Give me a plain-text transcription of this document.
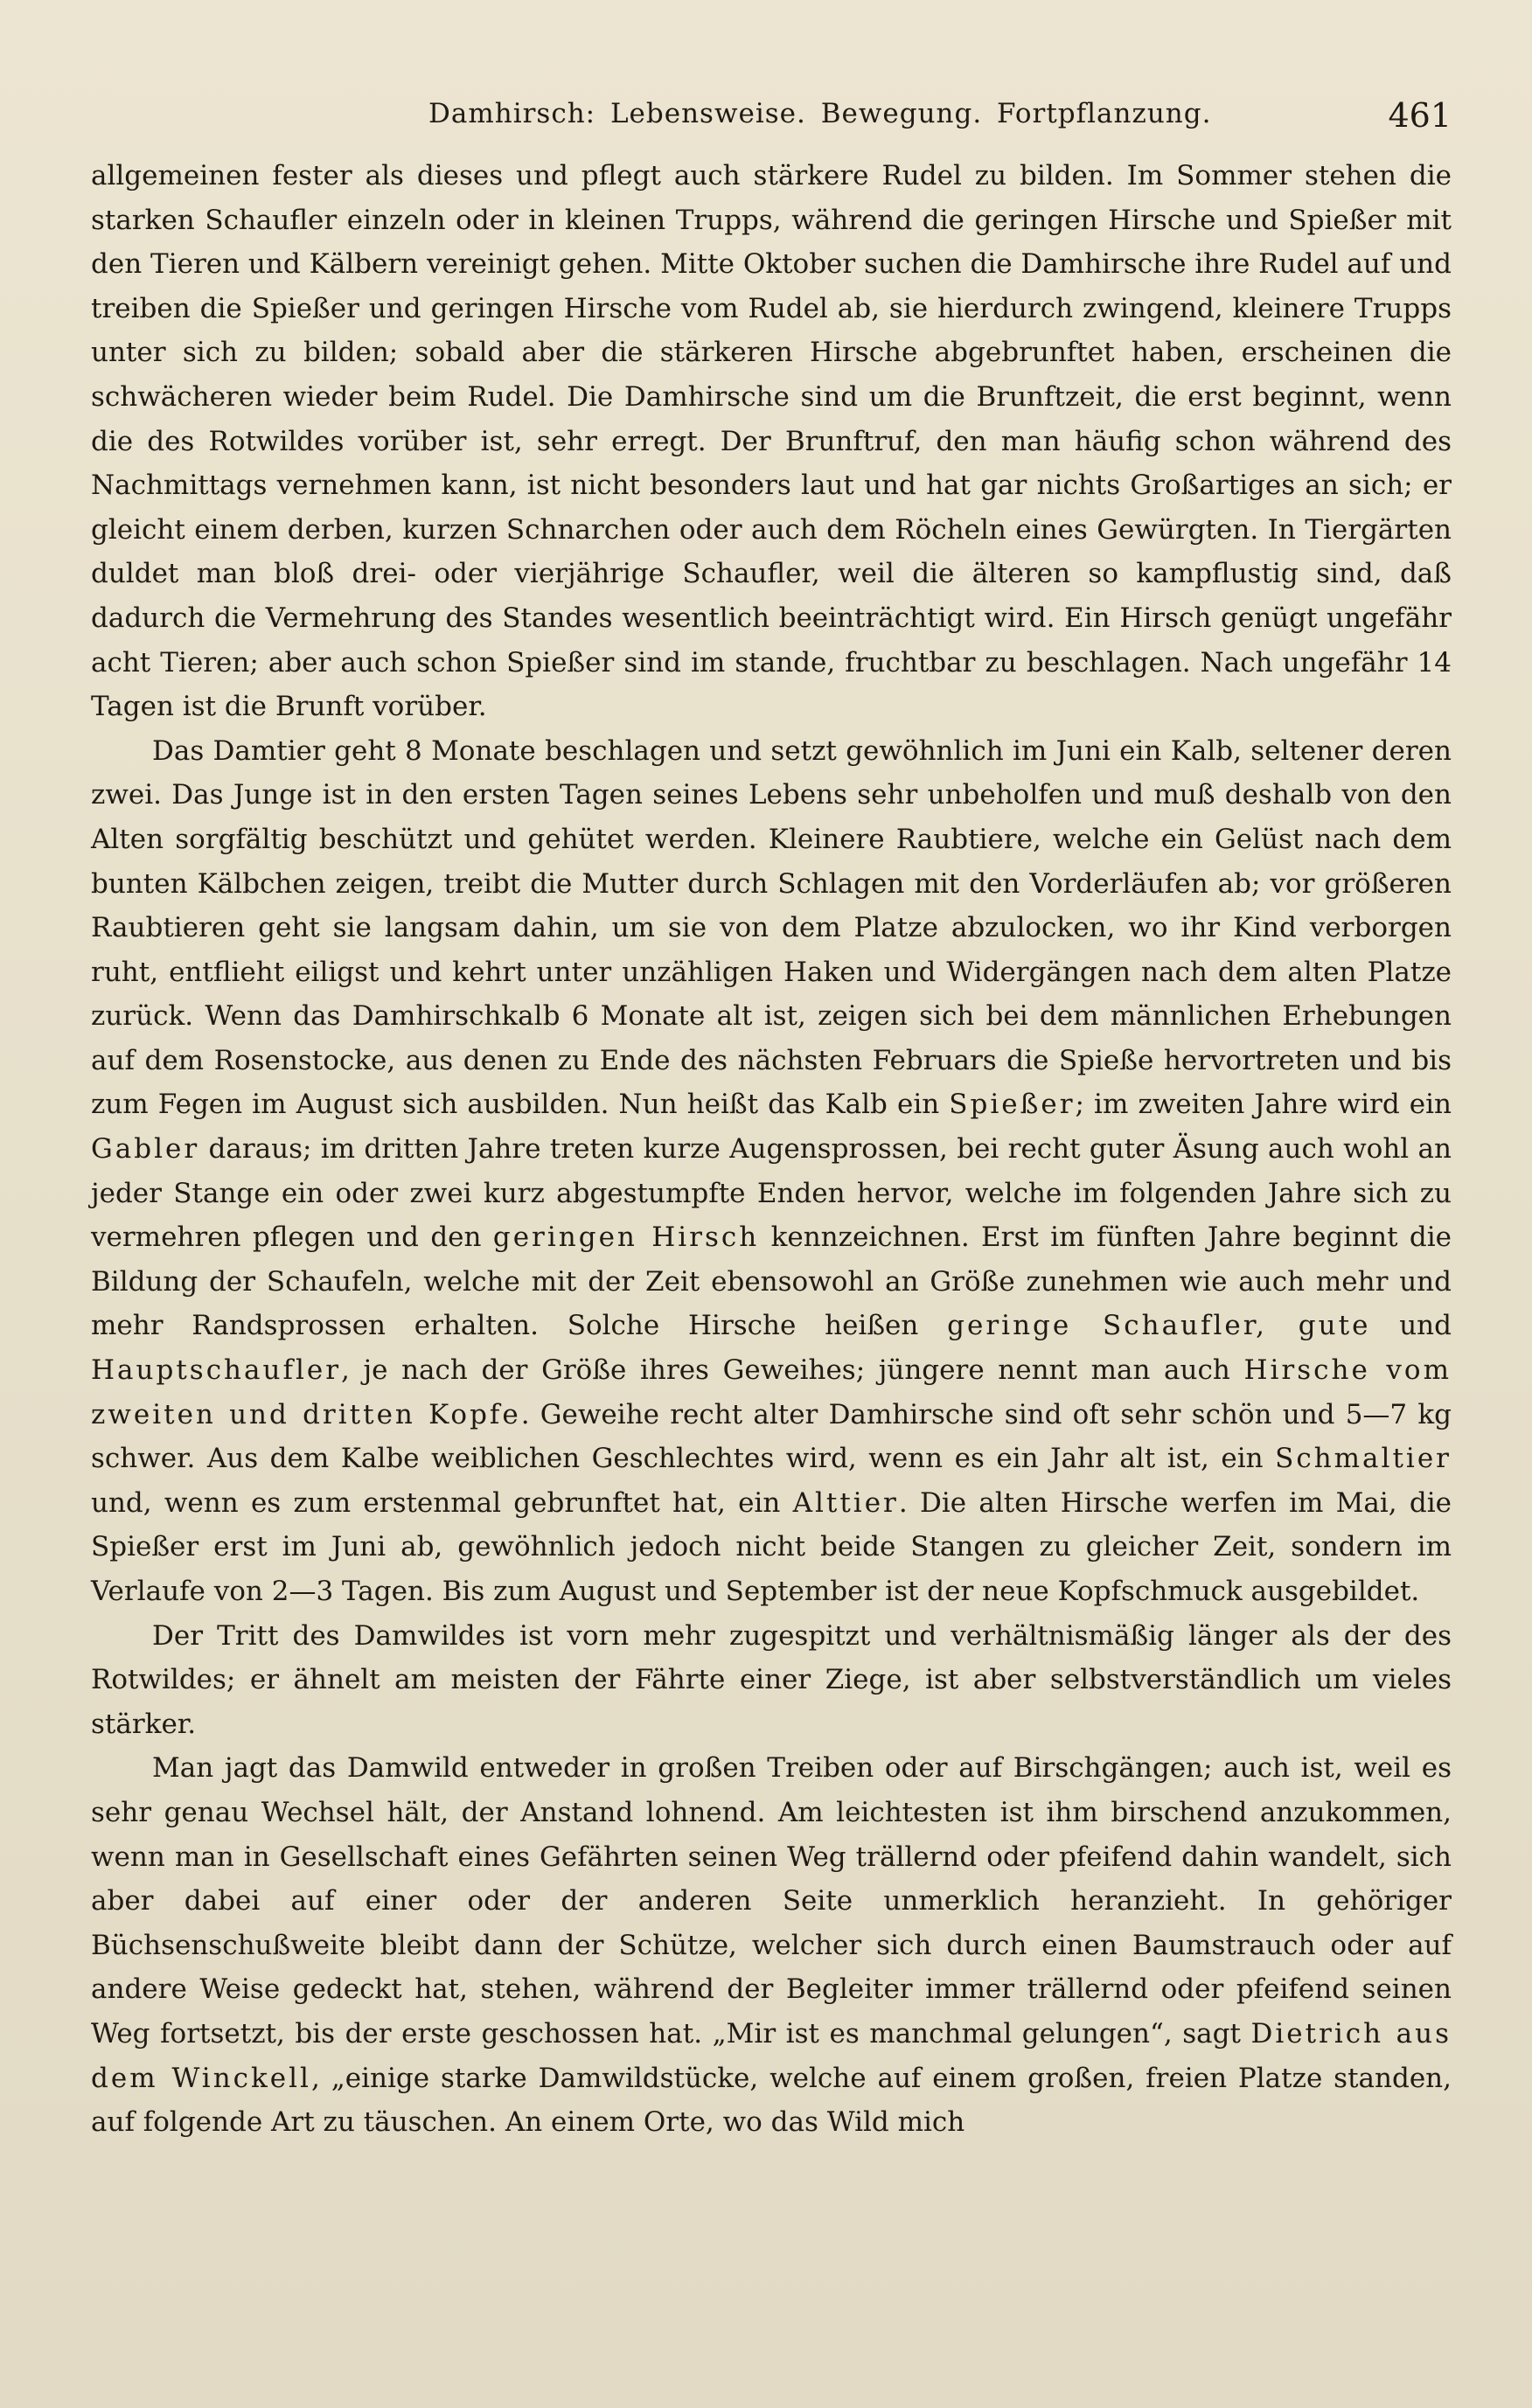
Damhirsch: Lebensweise. Bewegung. Fortpflanzung.	461

allgemeinen fester als dieses und pflegt auch stärkere Rudel zu bilden. Im Sommer stehen die starken Schaufler einzeln oder in kleinen Trupps, während die geringen Hirsche und Spießer mit den Tieren und Kälbern vereinigt gehen. Mitte Oktober suchen die Damhirsche ihre Rudel auf und treiben die Spießer und geringen Hirsche vom Rudel ab, sie hierdurch zwingend, kleinere Trupps unter sich zu bilden; sobald aber die stärkeren Hirsche abgebrunftet haben, erscheinen die schwächeren wieder beim Rudel. Die Damhirsche sind um die Brunftzeit, die erst beginnt, wenn die des Rotwildes vorüber ist, sehr erregt. Der Brunftruf, den man häufig schon während des Nachmittags vernehmen kann, ist nicht besonders laut und hat gar nichts Großartiges an sich; er gleicht einem derben, kurzen Schnarchen oder auch dem Röcheln eines Gewürgten. In Tiergärten duldet man bloß drei- oder vierjährige Schaufler, weil die älteren so kampflustig sind, daß dadurch die Vermehrung des Standes wesentlich beeinträchtigt wird. Ein Hirsch genügt ungefähr acht Tieren; aber auch schon Spießer sind im stande, fruchtbar zu beschlagen. Nach ungefähr 14 Tagen ist die Brunft vorüber.

Das Damtier geht 8 Monate beschlagen und setzt gewöhnlich im Juni ein Kalb, seltener deren zwei. Das Junge ist in den ersten Tagen seines Lebens sehr unbeholfen und muß deshalb von den Alten sorgfältig beschützt und gehütet werden. Kleinere Raubtiere, welche ein Gelüst nach dem bunten Kälbchen zeigen, treibt die Mutter durch Schlagen mit den Vorderläufen ab; vor größeren Raubtieren geht sie langsam dahin, um sie von dem Platze abzulocken, wo ihr Kind verborgen ruht, entflieht eiligst und kehrt unter unzähligen Haken und Widergängen nach dem alten Platze zurück. Wenn das Damhirschkalb 6 Monate alt ist, zeigen sich bei dem männlichen Erhebungen auf dem Rosenstocke, aus denen zu Ende des nächsten Februars die Spieße hervortreten und bis zum Fegen im August sich ausbilden. Nun heißt das Kalb ein Spießer; im zweiten Jahre wird ein Gabler daraus; im dritten Jahre treten kurze Augensprossen, bei recht guter Äsung auch wohl an jeder Stange ein oder zwei kurz abgestumpfte Enden hervor, welche im folgenden Jahre sich zu vermehren pflegen und den geringen Hirsch kennzeichnen. Erst im fünften Jahre beginnt die Bildung der Schaufeln, welche mit der Zeit ebensowohl an Größe zunehmen wie auch mehr und mehr Randsprossen erhalten. Solche Hirsche heißen geringe Schaufler, gute und Hauptschaufler, je nach der Größe ihres Geweihes; jüngere nennt man auch Hirsche vom zweiten und dritten Kopfe. Geweihe recht alter Damhirsche sind oft sehr schön und 5—7 kg schwer. Aus dem Kalbe weiblichen Geschlechtes wird, wenn es ein Jahr alt ist, ein Schmaltier und, wenn es zum erstenmal gebrunftet hat, ein Alttier. Die alten Hirsche werfen im Mai, die Spießer erst im Juni ab, gewöhnlich jedoch nicht beide Stangen zu gleicher Zeit, sondern im Verlaufe von 2—3 Tagen. Bis zum August und September ist der neue Kopfschmuck ausgebildet.

Der Tritt des Damwildes ist vorn mehr zugespitzt und verhältnismäßig länger als der des Rotwildes; er ähnelt am meisten der Fährte einer Ziege, ist aber selbstverständlich um vieles stärker.

Man jagt das Damwild entweder in großen Treiben oder auf Birschgängen; auch ist, weil es sehr genau Wechsel hält, der Anstand lohnend. Am leichtesten ist ihm birschend anzukommen, wenn man in Gesellschaft eines Gefährten seinen Weg trällernd oder pfeifend dahin wandelt, sich aber dabei auf einer oder der anderen Seite unmerklich heranzieht. In gehöriger Büchsenschußweite bleibt dann der Schütze, welcher sich durch einen Baumstrauch oder auf andere Weise gedeckt hat, stehen, während der Begleiter immer trällernd oder pfeifend seinen Weg fortsetzt, bis der erste geschossen hat. „Mir ist es manchmal gelungen“, sagt Dietrich aus dem Winckell, „einige starke Damwildstücke, welche auf einem großen, freien Platze standen, auf folgende Art zu täuschen. An einem Orte, wo das Wild mich
